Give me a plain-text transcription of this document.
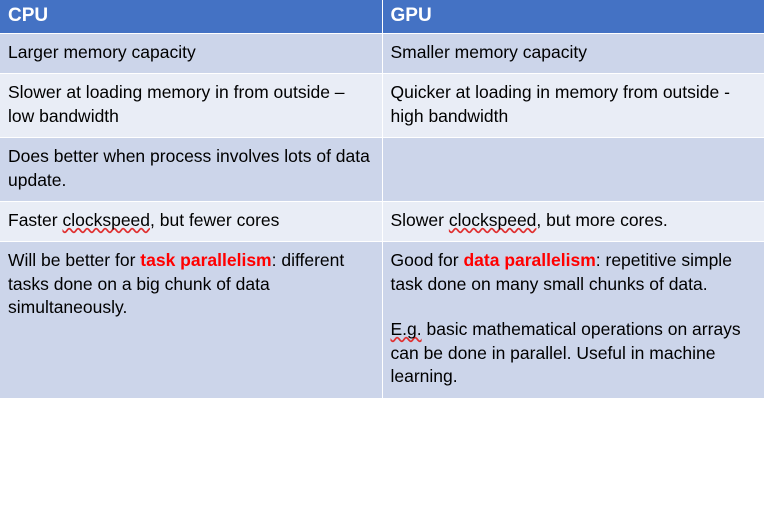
CPU	GPU
Larger memory capacity	Smaller memory capacity
Slower at loading memory in from outside – low bandwidth	Quicker at loading in memory from outside - high bandwidth
Does better when process involves lots of data update.	
Faster clockspeed, but fewer cores	Slower clockspeed, but more cores.
Will be better for task parallelism: different tasks done on a big chunk of data simultaneously.	Good for data parallelism: repetitive simple task done on many small chunks of data.

E.g. basic mathematical operations on arrays can be done in parallel. Useful in machine learning.
